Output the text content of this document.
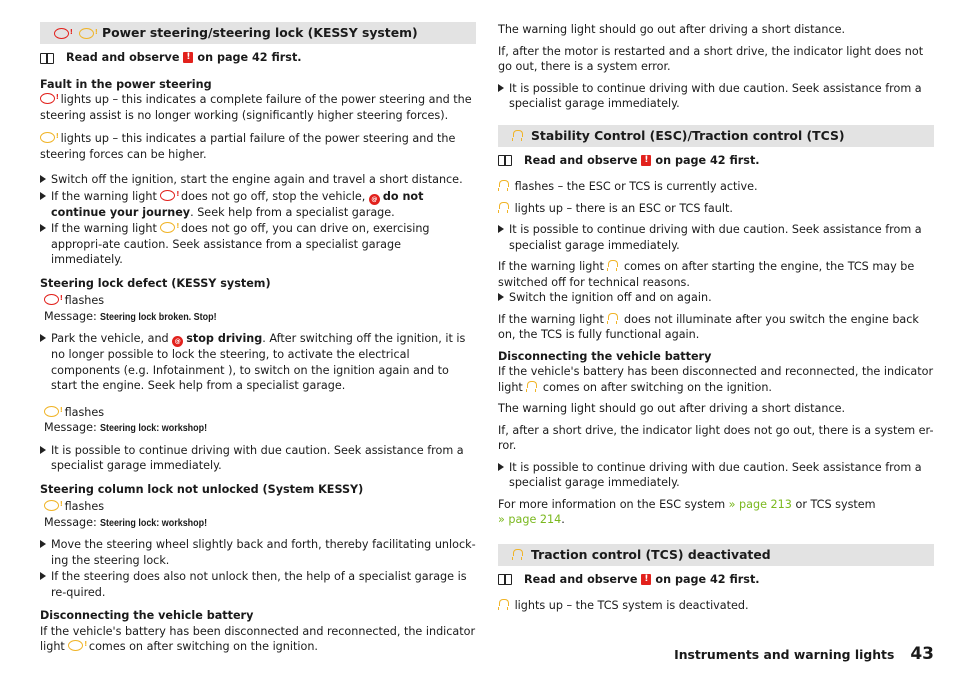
!
!
Power steering/steering lock (KESSY system)
Read and observe ! on page 42 first.
Fault in the power steering

! lights up – this indicates a complete failure of the power steering and the steering assist is no longer working (significantly higher steering forces).

! lights up – this indicates a partial failure of the power steering and the steering forces can be higher.

Switch off the ignition, start the engine again and travel a short distance.
If the warning light ! does not go off, stop the vehicle, @ do not continue your journey. Seek help from a specialist garage.
If the warning light ! does not go off, you can drive on, exercising appropri-ate caution. Seek assistance from a specialist garage immediately.
Steering lock defect (KESSY system)
! flashes
Message: Steering lock broken. Stop!
Park the vehicle, and @ stop driving. After switching off the ignition, it is no longer possible to lock the steering, to activate the electrical components (e.g. Infotainment ), to switch on the ignition again and to start the engine. Seek help from a specialist garage.
! flashes
Message: Steering lock: workshop!
It is possible to continue driving with due caution. Seek assistance from a specialist garage immediately.
Steering column lock not unlocked (System KESSY)
! flashes
Message: Steering lock: workshop!
Move the steering wheel slightly back and forth, thereby facilitating unlock-ing the steering lock.
If the steering does also not unlock then, the help of a specialist garage is re-quired.
Disconnecting the vehicle battery
If the vehicle's battery has been disconnected and reconnected, the indicator light ! comes on after switching on the ignition.

The warning light should go out after driving a short distance.

If, after the motor is restarted and a short drive, the indicator light does not go out, there is a system error.

It is possible to continue driving with due caution. Seek assistance from a specialist garage immediately.
Stability Control (ESC)/Traction control (TCS)
Read and observe ! on page 42 first.

flashes – the ESC or TCS is currently active.

lights up – there is an ESC or TCS fault.

It is possible to continue driving with due caution. Seek assistance from a specialist garage immediately.
If the warning light comes on after starting the engine, the TCS may be switched off for technical reasons.
Switch the ignition off and on again.

If the warning light does not illuminate after you switch the engine back on, the TCS is fully functional again.

Disconnecting the vehicle battery

If the vehicle's battery has been disconnected and reconnected, the indicator light comes on after switching on the ignition.

The warning light should go out after driving a short distance.

If, after a short drive, the indicator light does not go out, there is a system er-ror.

It is possible to continue driving with due caution. Seek assistance from a specialist garage immediately.
For more information on the ESC system » page 213 or TCS system
» page 214.
Traction control (TCS) deactivated
Read and observe ! on page 42 first.

lights up – the TCS system is deactivated.

Instruments and warning lights 43
